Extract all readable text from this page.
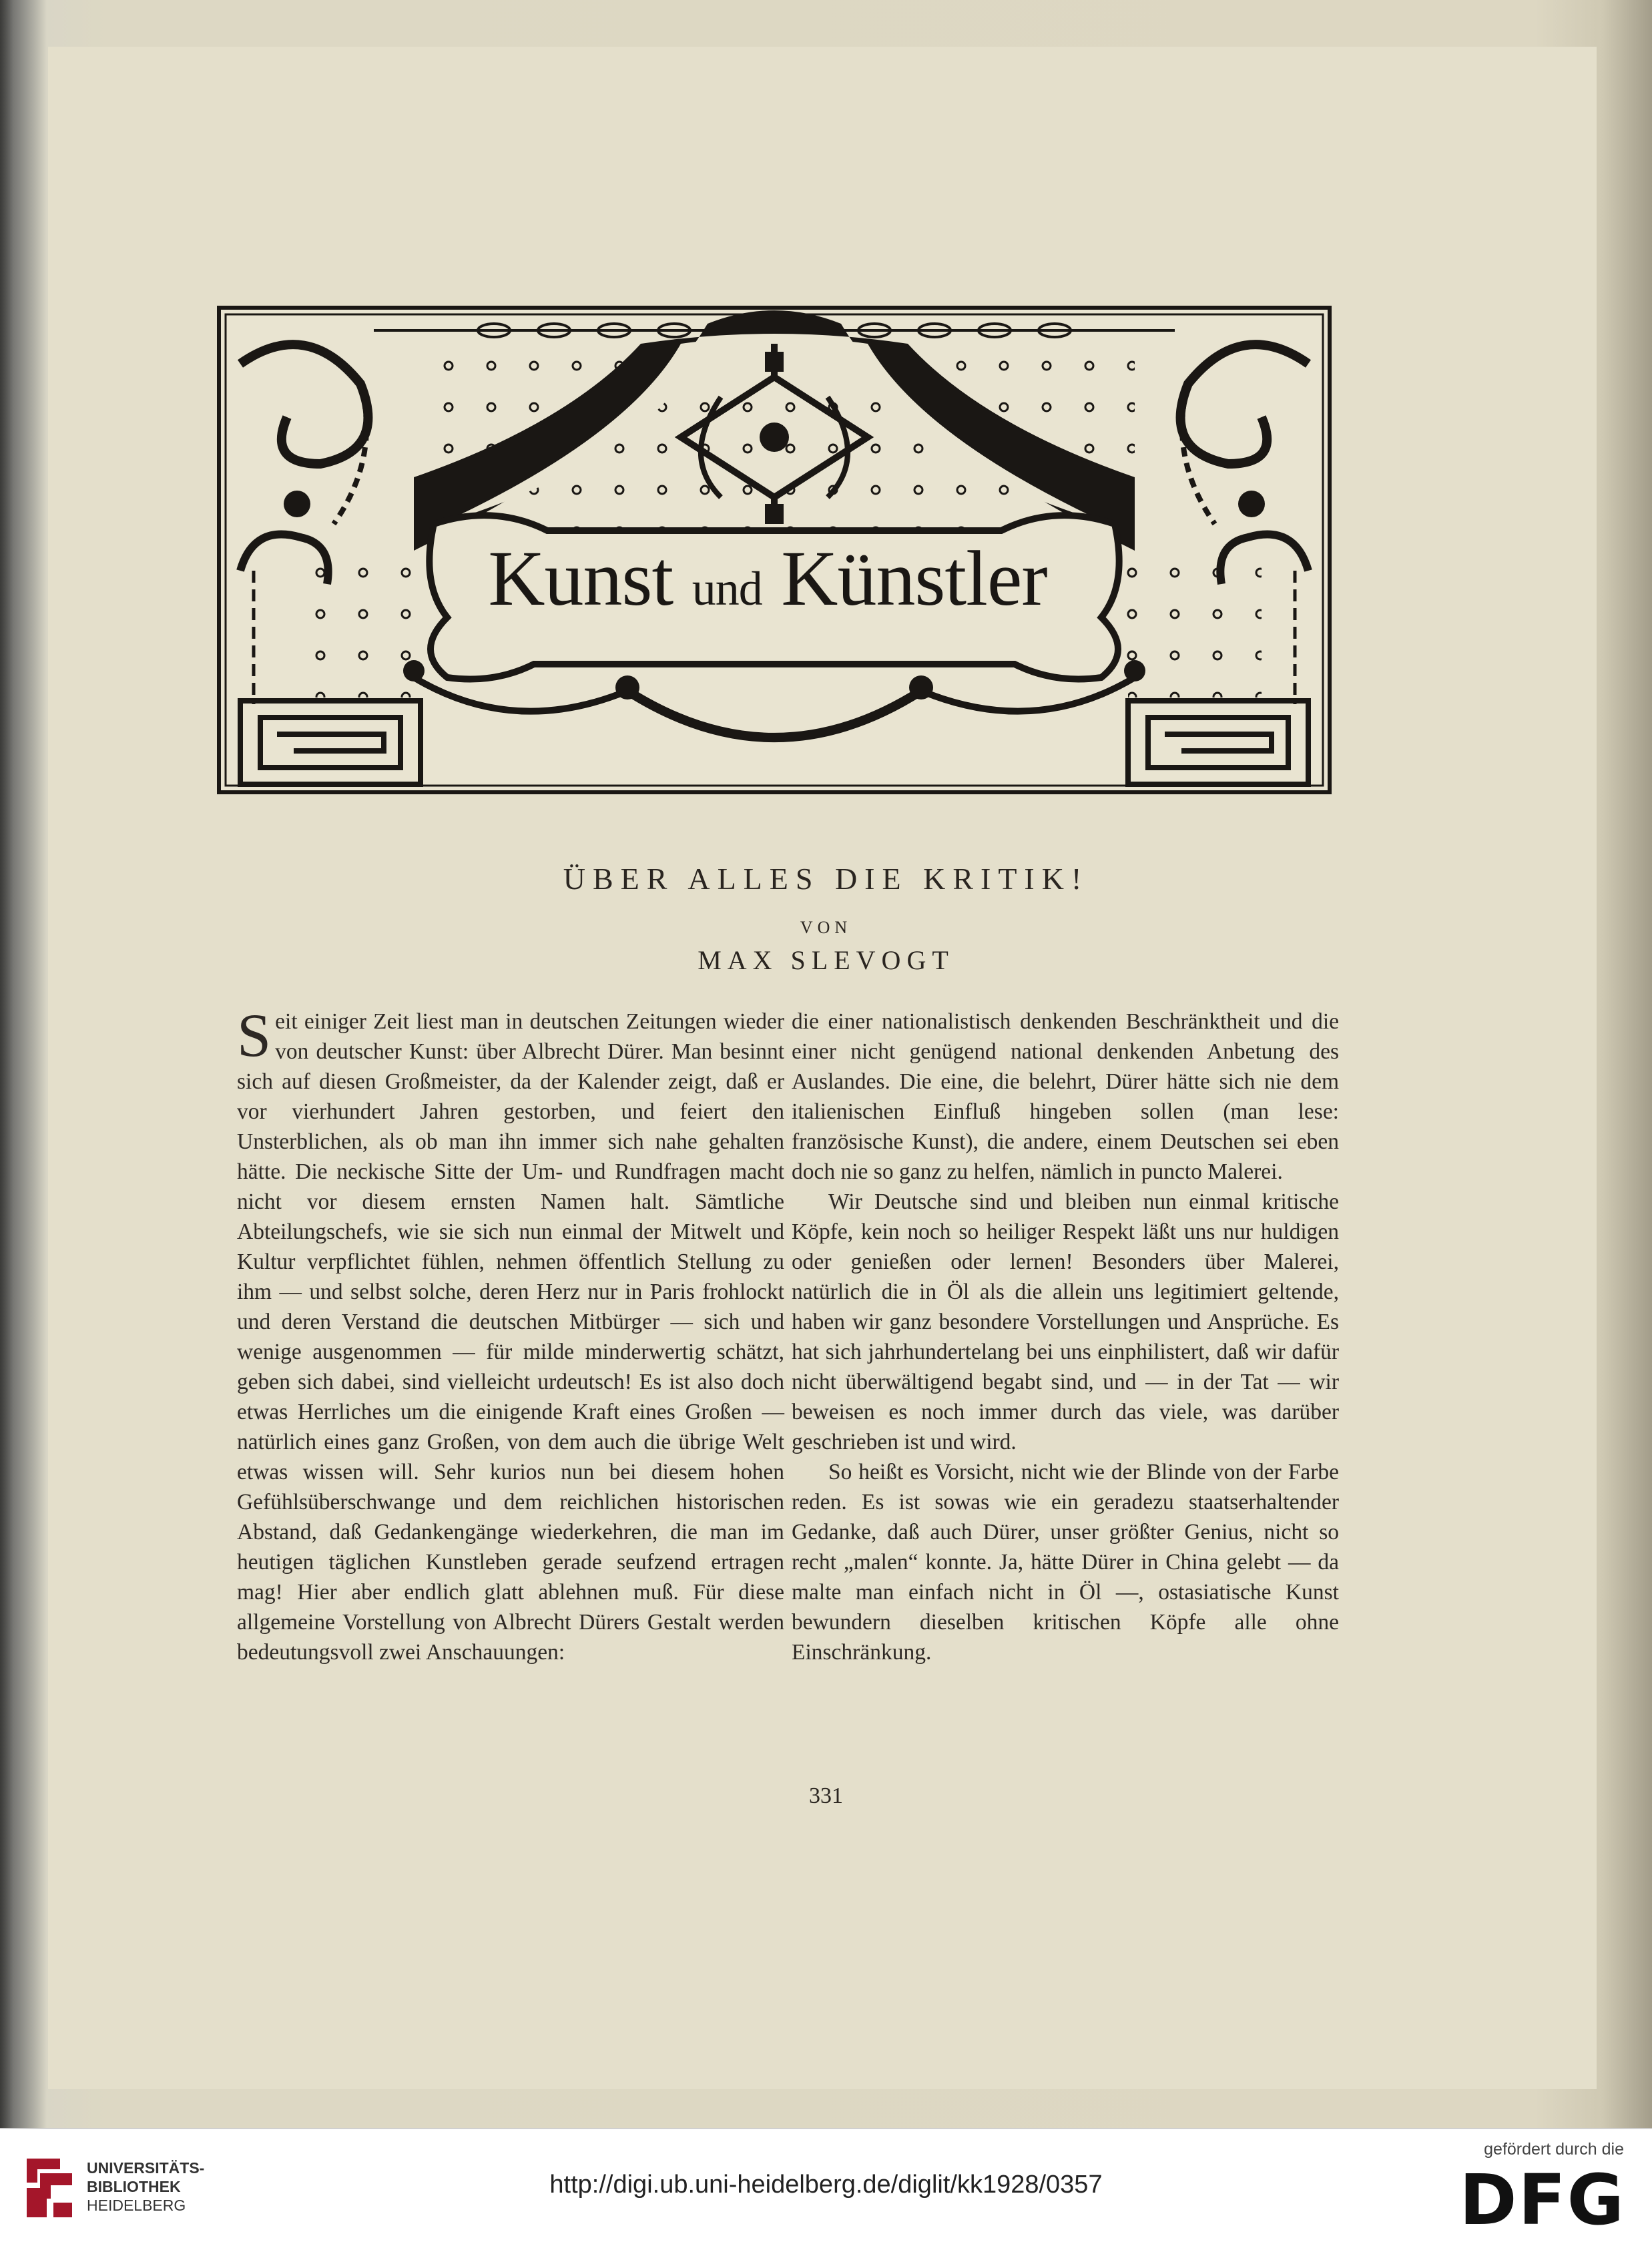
Kunst und Künstler
ÜBER ALLES DIE KRITIK!
VON
MAX SLEVOGT

Seit einiger Zeit liest man in deutschen Zeitungen wieder von deutscher Kunst: über Albrecht Dürer. Man besinnt sich auf diesen Großmeister, da der Kalender zeigt, daß er vor vierhundert Jahren gestorben, und feiert den Unsterblichen, als ob man ihn immer sich nahe gehalten hätte. Die neckische Sitte der Um- und Rundfragen macht nicht vor diesem ernsten Namen halt. Sämtliche Abteilungschefs, wie sie sich nun einmal der Mitwelt und Kultur verpflichtet fühlen, nehmen öffentlich Stellung zu ihm — und selbst solche, deren Herz nur in Paris frohlockt und deren Verstand die deutschen Mitbürger — sich und wenige ausgenommen — für milde minderwertig schätzt, geben sich dabei, sind vielleicht urdeutsch! Es ist also doch etwas Herrliches um die einigende Kraft eines Großen — natürlich eines ganz Großen, von dem auch die übrige Welt etwas wissen will. Sehr kurios nun bei diesem hohen Gefühlsüberschwange und dem reichlichen historischen Abstand, daß Gedankengänge wiederkehren, die man im heutigen täglichen Kunstleben gerade seufzend ertragen mag! Hier aber endlich glatt ablehnen muß. Für diese allgemeine Vorstellung von Albrecht Dürers Gestalt werden bedeutungsvoll zwei Anschauungen:

die einer nationalistisch denkenden Beschränktheit und die einer nicht genügend national denkenden Anbetung des Auslandes. Die eine, die belehrt, Dürer hätte sich nie dem italienischen Einfluß hingeben sollen (man lese: französische Kunst), die andere, einem Deutschen sei eben doch nie so ganz zu helfen, nämlich in puncto Malerei.

Wir Deutsche sind und bleiben nun einmal kritische Köpfe, kein noch so heiliger Respekt läßt uns nur huldigen oder genießen oder lernen! Besonders über Malerei, natürlich die in Öl als die allein uns legitimiert geltende, haben wir ganz besondere Vorstellungen und Ansprüche. Es hat sich jahrhundertelang bei uns einphilistert, daß wir dafür nicht überwältigend begabt sind, und — in der Tat — wir beweisen es noch immer durch das viele, was darüber geschrieben ist und wird.

So heißt es Vorsicht, nicht wie der Blinde von der Farbe reden. Es ist sowas wie ein geradezu staatserhaltender Gedanke, daß auch Dürer, unser größter Genius, nicht so recht „malen“ konnte. Ja, hätte Dürer in China gelebt — da malte man einfach nicht in Öl —, ostasiatische Kunst bewundern dieselben kritischen Köpfe alle ohne Einschränkung.

331
UNIVERSITÄTS-
BIBLIOTHEK
HEIDELBERG
http://digi.ub.uni-heidelberg.de/diglit/kk1928/0357
gefördert durch die
DFG
